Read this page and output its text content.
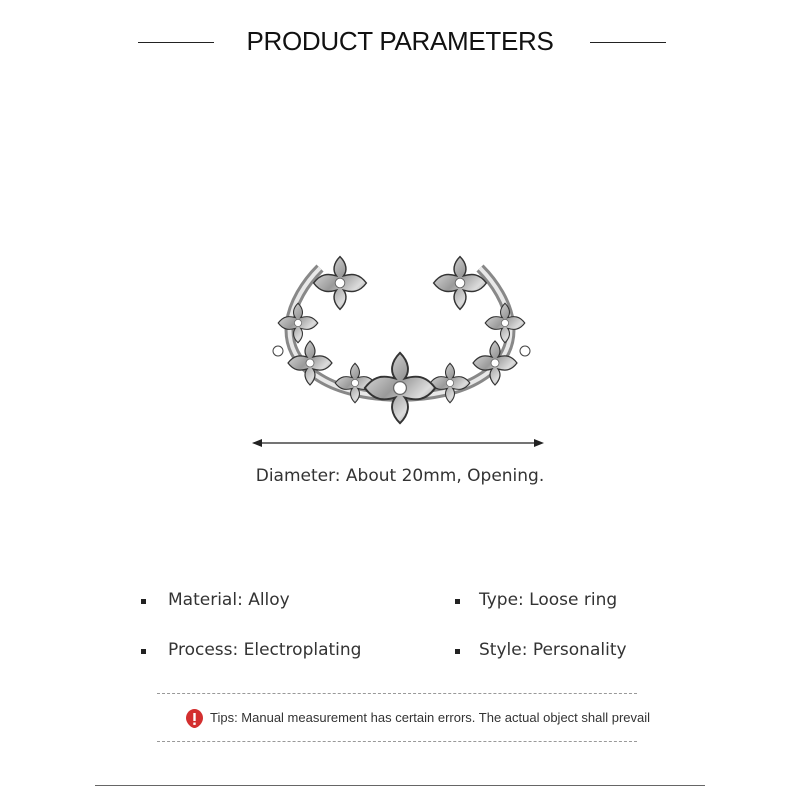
PRODUCT PARAMETERS
Diameter: About 20mm, Opening.
Material: Alloy	Type: Loose ring
Process: Electroplating	Style: Personality
Tips: Manual measurement has certain errors. The actual object shall prevail
